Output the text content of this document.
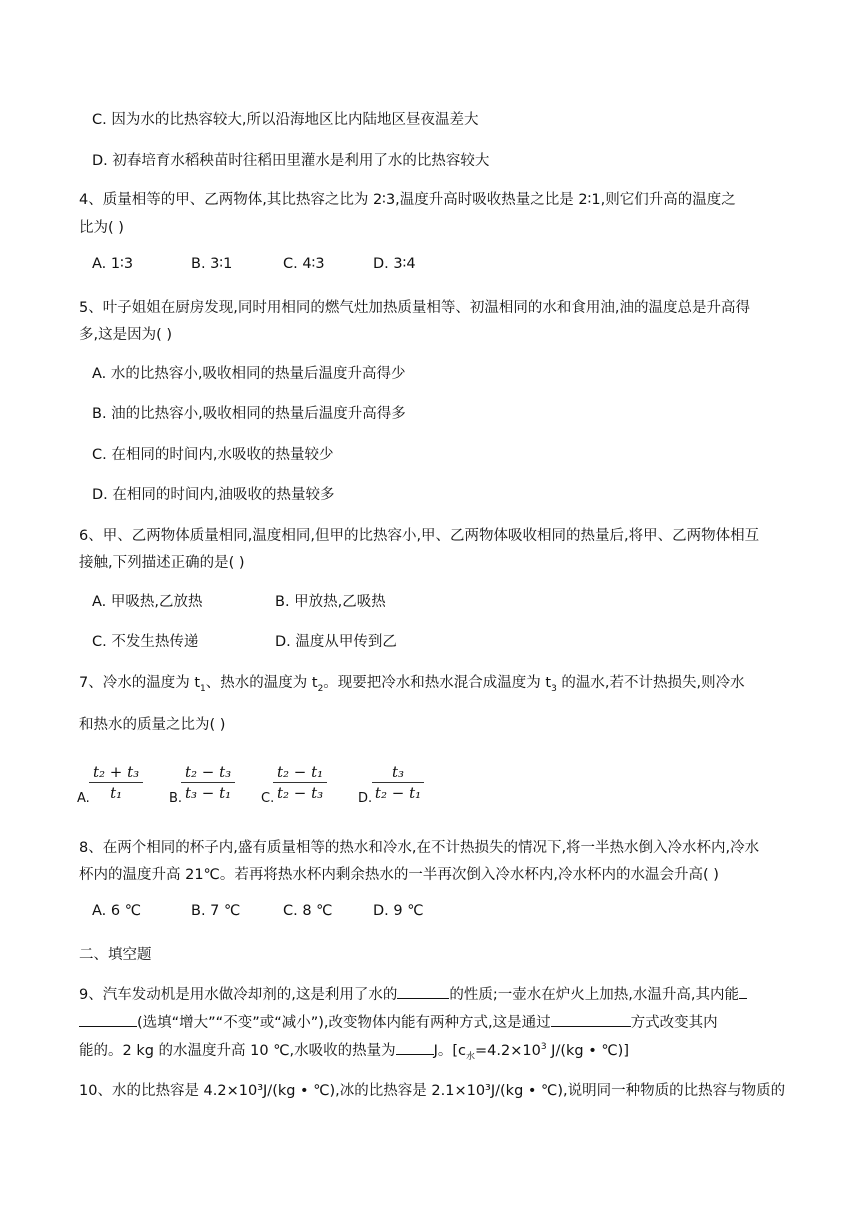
C. 因为水的比热容较大,所以沿海地区比内陆地区昼夜温差大
D. 初春培育水稻秧苗时往稻田里灌水是利用了水的比热容较大
4、质量相等的甲、乙两物体,其比热容之比为 2∶3,温度升高时吸收热量之比是 2∶1,则它们升高的温度之
比为( )
A. 1∶3	B. 3∶1	C. 4∶3	D. 3∶4
5、叶子姐姐在厨房发现,同时用相同的燃气灶加热质量相等、初温相同的水和食用油,油的温度总是升高得
多,这是因为( )
A. 水的比热容小,吸收相同的热量后温度升高得少
B. 油的比热容小,吸收相同的热量后温度升高得多
C. 在相同的时间内,水吸收的热量较少
D. 在相同的时间内,油吸收的热量较多
6、甲、乙两物体质量相同,温度相同,但甲的比热容小,甲、乙两物体吸收相同的热量后,将甲、乙两物体相互
接触,下列描述正确的是( )
A. 甲吸热,乙放热	B. 甲放热,乙吸热
C. 不发生热传递	D. 温度从甲传到乙
7、冷水的温度为 $t_1$、热水的温度为 $t_2$。现要把冷水和热水混合成温度为 $t_3$ 的温水,若不计热损失,则冷水
和热水的质量之比为( )
A. $\frac{\text{t₂ + t₃}}{\text{t₁}} B$.
$\frac{\text{t₂ − t₃}}{\text{t₃ − t₁}} C$.
$\frac{\text{t₂ − t₁}}{\text{t₂ − t₃}} D$. $\frac{\text{t₃}}{\text{t₂ − t₁}}$
8、在两个相同的杯子内,盛有质量相等的热水和冷水,在不计热损失的情况下,将一半热水倒入冷水杯内,冷水
杯内的温度升高 21℃。若再将热水杯内剩余热水的一半再次倒入冷水杯内,冷水杯内的水温会升高( )
A. 6 ℃	B. 7 ℃	C. 8 ℃	D. 9 ℃
二、填空题
9、汽车发动机是用水做冷却剂的,这是利用了水的	的性质;一壶水在炉火上加热,水温升高,其内能
(选填“增大”“不变”或“减小”),改变物体内能有两种方式,这是通过	方式改变其内
能的。2 kg 的水温度升高 10 ℃,水吸收的热量为	J。[$c_水=4.2\times 10^3$ J/(kg • ℃)]
10、水的比热容是 4.2×10³J/(kg • ℃),冰的比热容是 2.1×10³J/(kg • ℃),说明同一种物质的比热容与物质的
